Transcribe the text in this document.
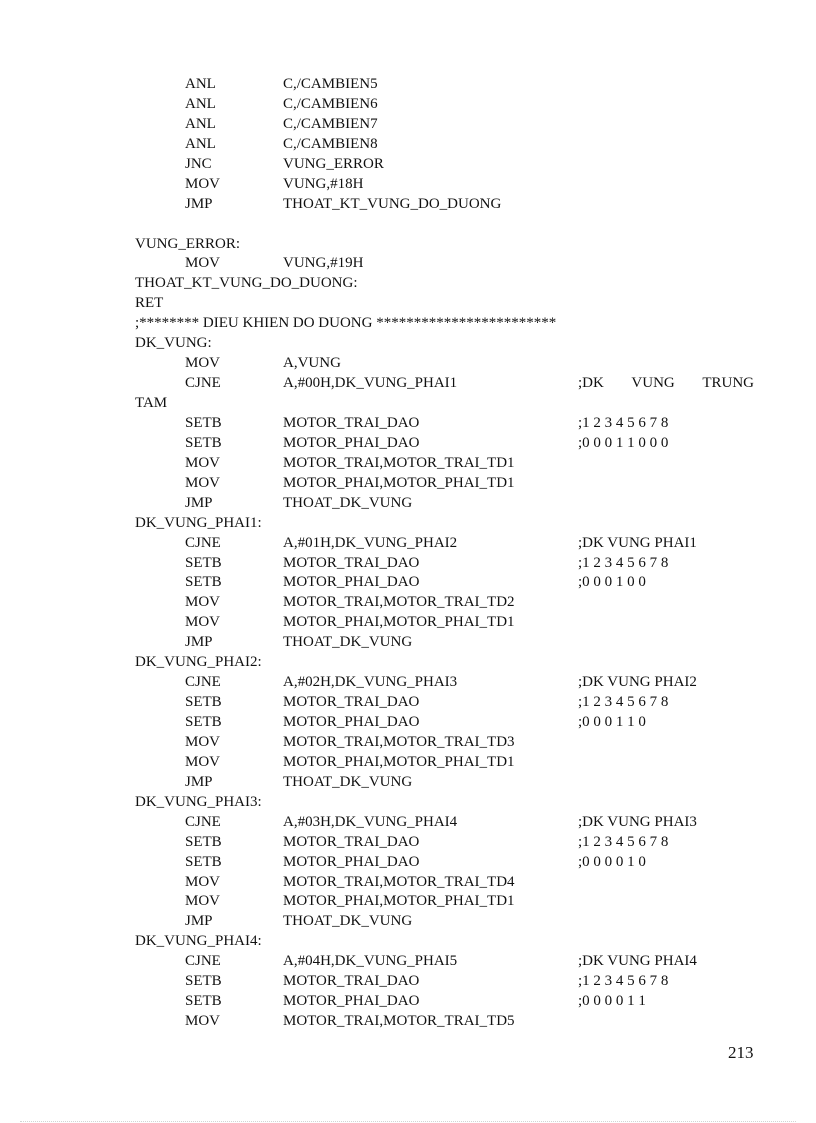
ANL	C,/CAMBIEN5
ANL	C,/CAMBIEN6
ANL	C,/CAMBIEN7
ANL	C,/CAMBIEN8
JNC	VUNG_ERROR
MOV	VUNG,#18H
JMP	THOAT_KT_VUNG_DO_DUONG
VUNG_ERROR:
MOV	VUNG,#19H
THOAT_KT_VUNG_DO_DUONG:
RET
;******** DIEU KHIEN DO DUONG ************************
DK_VUNG:
MOV	A,VUNG
CJNE	A,#00H,DK_VUNG_PHAI1	;DK VUNG TRUNG
TAM
SETB	MOTOR_TRAI_DAO	;1 2 3 4 5 6 7 8
SETB	MOTOR_PHAI_DAO	;0 0 0 1 1 0 0 0
MOV	MOTOR_TRAI,MOTOR_TRAI_TD1
MOV	MOTOR_PHAI,MOTOR_PHAI_TD1
JMP	THOAT_DK_VUNG
DK_VUNG_PHAI1:
CJNE	A,#01H,DK_VUNG_PHAI2	;DK VUNG PHAI1
SETB	MOTOR_TRAI_DAO	;1 2 3 4 5 6 7 8
SETB	MOTOR_PHAI_DAO	;0 0 0 1 0 0
MOV	MOTOR_TRAI,MOTOR_TRAI_TD2
MOV	MOTOR_PHAI,MOTOR_PHAI_TD1
JMP	THOAT_DK_VUNG
DK_VUNG_PHAI2:
CJNE	A,#02H,DK_VUNG_PHAI3	;DK VUNG PHAI2
SETB	MOTOR_TRAI_DAO	;1 2 3 4 5 6 7 8
SETB	MOTOR_PHAI_DAO	;0 0 0 1 1 0
MOV	MOTOR_TRAI,MOTOR_TRAI_TD3
MOV	MOTOR_PHAI,MOTOR_PHAI_TD1
JMP	THOAT_DK_VUNG
DK_VUNG_PHAI3:
CJNE	A,#03H,DK_VUNG_PHAI4	;DK VUNG PHAI3
SETB	MOTOR_TRAI_DAO	;1 2 3 4 5 6 7 8
SETB	MOTOR_PHAI_DAO	;0 0 0 0 1 0
MOV	MOTOR_TRAI,MOTOR_TRAI_TD4
MOV	MOTOR_PHAI,MOTOR_PHAI_TD1
JMP	THOAT_DK_VUNG
DK_VUNG_PHAI4:
CJNE	A,#04H,DK_VUNG_PHAI5	;DK VUNG PHAI4
SETB	MOTOR_TRAI_DAO	;1 2 3 4 5 6 7 8
SETB	MOTOR_PHAI_DAO	;0 0 0 0 1 1
MOV	MOTOR_TRAI,MOTOR_TRAI_TD5
213
